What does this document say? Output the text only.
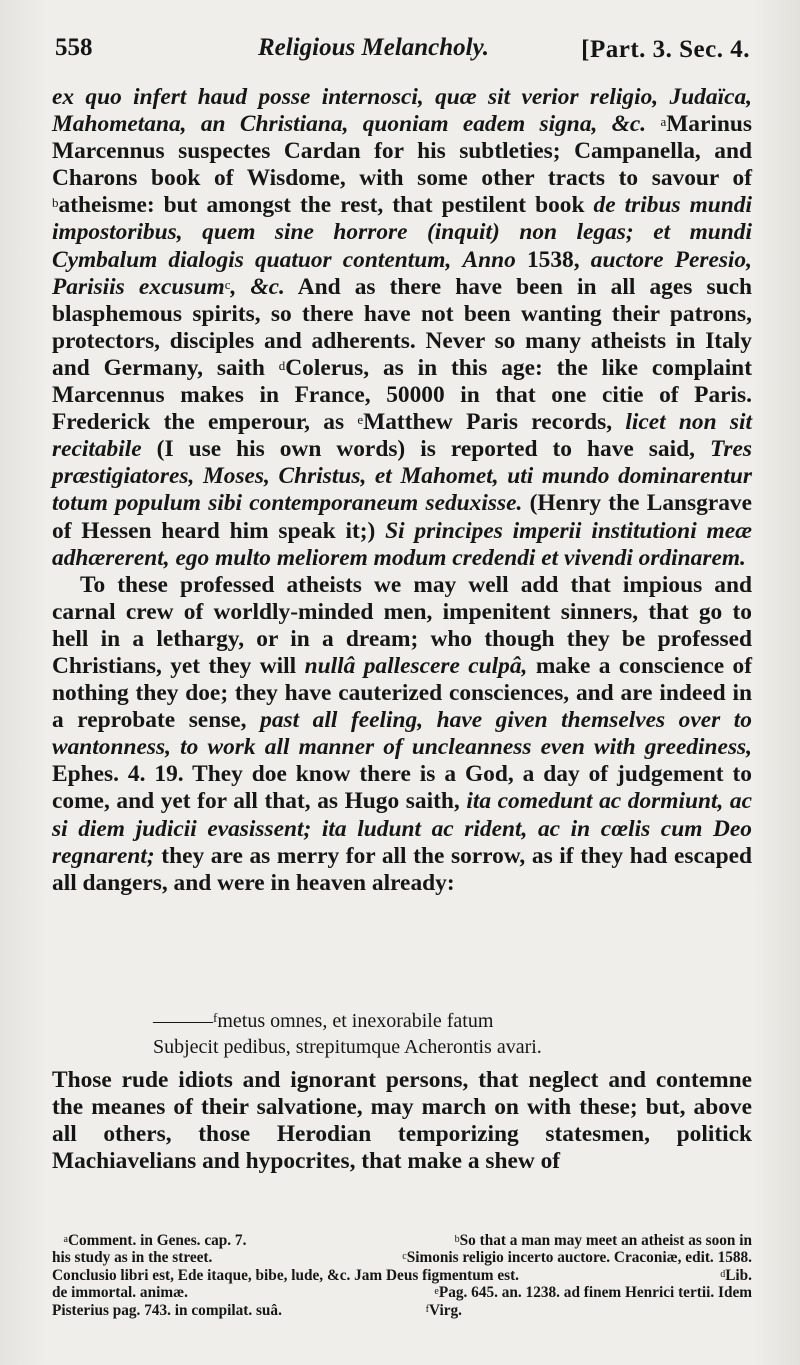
558	Religious Melancholy.	[Part. 3. Sec. 4.

ex quo infert haud posse internosci, quæ sit verior religio, Judaïca, Mahometana, an Christiana, quoniam eadem signa, &c. $^a$Marinus Marcennus suspectes Cardan for his subtleties; Campanella, and Charons book of Wisdome, with some other tracts to savour of $^b$atheisme: but amongst the rest, that pestilent book de tribus mundi impostoribus, quem sine horrore (inquit) non legas; et mundi Cymbalum dialogis quatuor contentum, Anno 1538, auctore Peresio, Parisiis excusum$^c$, &c. And as there have been in all ages such blasphemous spirits, so there have not been wanting their patrons, protectors, disciples and adherents. Never so many atheists in Italy and Germany, saith $^d$Colerus, as in this age: the like complaint Marcennus makes in France, 50000 in that one citie of Paris. Frederick the emperour, as $^e$Matthew Paris records, licet non sit recitabile (I use his own words) is reported to have said, Tres præstigiatores, Moses, Christus, et Mahomet, uti mundo dominarentur totum populum sibi contemporaneum seduxisse. (Henry the Lansgrave of Hessen heard him speak it;) Si principes imperii institutioni meæ adhærerent, ego multo meliorem modum credendi et vivendi ordinarem.

To these professed atheists we may well add that impious and carnal crew of worldly-minded men, impenitent sinners, that go to hell in a lethargy, or in a dream; who though they be professed Christians, yet they will nullâ pallescere culpâ, make a conscience of nothing they doe; they have cauterized consciences, and are indeed in a reprobate sense, past all feeling, have given themselves over to wantonness, to work all manner of uncleanness even with greediness, Ephes. 4. 19. They doe know there is a God, a day of judgement to come, and yet for all that, as Hugo saith, ita comedunt ac dormiunt, ac si diem judicii evasissent; ita ludunt ac rident, ac in cœlis cum Deo regnarent; they are as merry for all the sorrow, as if they had escaped all dangers, and were in heaven already:

———$^f$metus omnes, et inexorabile fatum
Subjecit pedibus, strepitumque Acherontis avari.

Those rude idiots and ignorant persons, that neglect and contemne the meanes of their salvatione, may march on with these; but, above all others, those Herodian temporizing statesmen, politick Machiavelians and hypocrites, that make a shew of

$^a$Comment. in Genes. cap. 7.	$^b$So that a man may meet an atheist as soon in
his study as in the street.	$^c$Simonis religio incerto auctore. Craconiæ, edit. 1588.
Conclusio libri est, Ede itaque, bibe, lude, &c. Jam Deus figmentum est.	$^d$Lib.
de immortal. animæ.	$^e$Pag. 645. an. 1238. ad finem Henrici tertii. Idem
Pisterius pag. 743. in compilat. suâ.	$^f$Virg.
